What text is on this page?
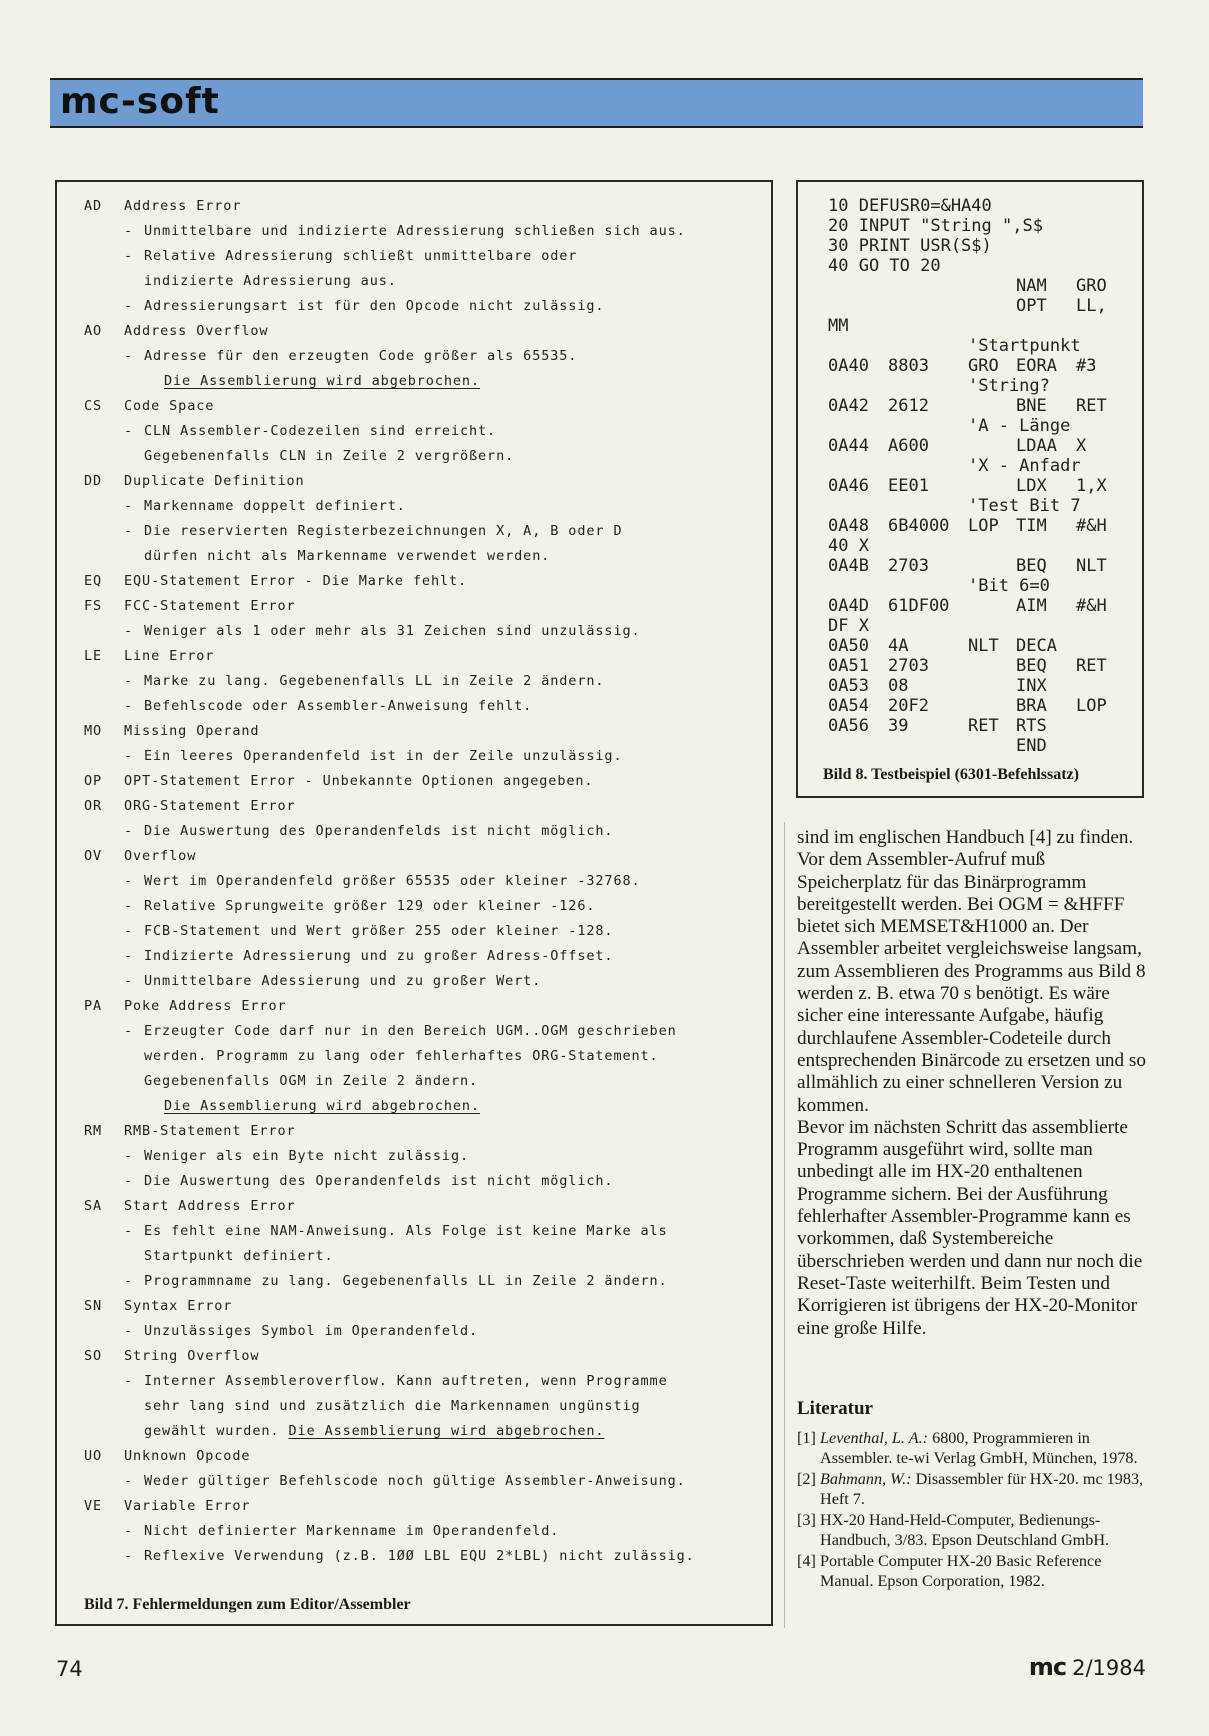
mc-soft
AD	Address Error
- Unmittelbare und indizierte Adressierung schließen sich aus.
- Relative Adressierung schließt unmittelbare oder
indizierte Adressierung aus.
- Adressierungsart ist für den Opcode nicht zulässig.
AO	Address Overflow
- Adresse für den erzeugten Code größer als 65535.
Die Assemblierung wird abgebrochen.
CS	Code Space
- CLN Assembler-Codezeilen sind erreicht.
Gegebenenfalls CLN in Zeile 2 vergrößern.
DD	Duplicate Definition
- Markenname doppelt definiert.
- Die reservierten Registerbezeichnungen X, A, B oder D
dürfen nicht als Markenname verwendet werden.
EQ	EQU-Statement Error - Die Marke fehlt.
FS	FCC-Statement Error
- Weniger als 1 oder mehr als 31 Zeichen sind unzulässig.
LE	Line Error
- Marke zu lang. Gegebenenfalls LL in Zeile 2 ändern.
- Befehlscode oder Assembler-Anweisung fehlt.
MO	Missing Operand
- Ein leeres Operandenfeld ist in der Zeile unzulässig.
OP	OPT-Statement Error - Unbekannte Optionen angegeben.
OR	ORG-Statement Error
- Die Auswertung des Operandenfelds ist nicht möglich.
OV	Overflow
- Wert im Operandenfeld größer 65535 oder kleiner -32768.
- Relative Sprungweite größer 129 oder kleiner -126.
- FCB-Statement und Wert größer 255 oder kleiner -128.
- Indizierte Adressierung und zu großer Adress-Offset.
- Unmittelbare Adessierung und zu großer Wert.
PA	Poke Address Error
- Erzeugter Code darf nur in den Bereich UGM..OGM geschrieben
werden. Programm zu lang oder fehlerhaftes ORG-Statement.
Gegebenenfalls OGM in Zeile 2 ändern.
Die Assemblierung wird abgebrochen.
RM	RMB-Statement Error
- Weniger als ein Byte nicht zulässig.
- Die Auswertung des Operandenfelds ist nicht möglich.
SA	Start Address Error
- Es fehlt eine NAM-Anweisung. Als Folge ist keine Marke als
Startpunkt definiert.
- Programmname zu lang. Gegebenenfalls LL in Zeile 2 ändern.
SN	Syntax Error
- Unzulässiges Symbol im Operandenfeld.
SO	String Overflow
- Interner Assembleroverflow. Kann auftreten, wenn Programme
sehr lang sind und zusätzlich die Markennamen ungünstig
gewählt wurden. Die Assemblierung wird abgebrochen.
UO	Unknown Opcode
- Weder gültiger Befehlscode noch gültige Assembler-Anweisung.
VE	Variable Error
- Nicht definierter Markenname im Operandenfeld.
- Reflexive Verwendung (z.B. 1ØØ LBL EQU 2*LBL) nicht zulässig.
Bild 7. Fehlermeldungen zum Editor/Assembler
10 DEFUSR0=&HA40
20 INPUT "String ",S$
30 PRINT USR(S$)
40 GO TO 20
NAM GRO
OPT LL,
MM
'Startpunkt
0A40 8803 GRO EORA #3
'String?
0A42 2612	BNE RET
'A - Länge
0A44 A600	LDAA X
'X - Anfadr
0A46 EE01	LDX 1,X
'Test Bit 7
0A48 6B4000 LOP TIM #&H
40 X
0A4B 2703	BEQ NLT
'Bit 6=0
0A4D 61DF00	AIM #&H
DF X
0A50 4A	NLT DECA
0A51 2703	BEQ RET
0A53 08	INX
0A54 20F2	BRA LOP
0A56 39	RET RTS
END
Bild 8. Testbeispiel (6301-Befehlssatz)

sind im englischen Handbuch [4] zu finden.

Vor dem Assembler-Aufruf muß Speicherplatz für das Binärprogramm bereitgestellt werden. Bei OGM = &HFFF bietet sich MEMSET&H1000 an. Der Assembler arbeitet vergleichsweise langsam, zum Assemblieren des Programms aus Bild 8 werden z. B. etwa 70 s benötigt. Es wäre sicher eine interessante Aufgabe, häufig durchlaufene Assembler-Codeteile durch entsprechenden Binärcode zu ersetzen und so allmählich zu einer schnelleren Version zu kommen.

Bevor im nächsten Schritt das assemblierte Programm ausgeführt wird, sollte man unbedingt alle im HX-20 enthaltenen Programme sichern. Bei der Ausführung fehlerhafter Assembler-Programme kann es vorkommen, daß Systembereiche überschrieben werden und dann nur noch die Reset-Taste weiterhilft. Beim Testen und Korrigieren ist übrigens der HX-20-Monitor eine große Hilfe.

Literatur
[1] Leventhal, L. A.: 6800, Programmieren in Assembler. te-wi Verlag GmbH, München, 1978.
[2] Bahmann, W.: Disassembler für HX-20. mc 1983, Heft 7.
[3] HX-20 Hand-Held-Computer, Bedienungs-Handbuch, 3/83. Epson Deutschland GmbH.
[4] Portable Computer HX-20 Basic Reference Manual. Epson Corporation, 1982.
74	mc 2/1984
